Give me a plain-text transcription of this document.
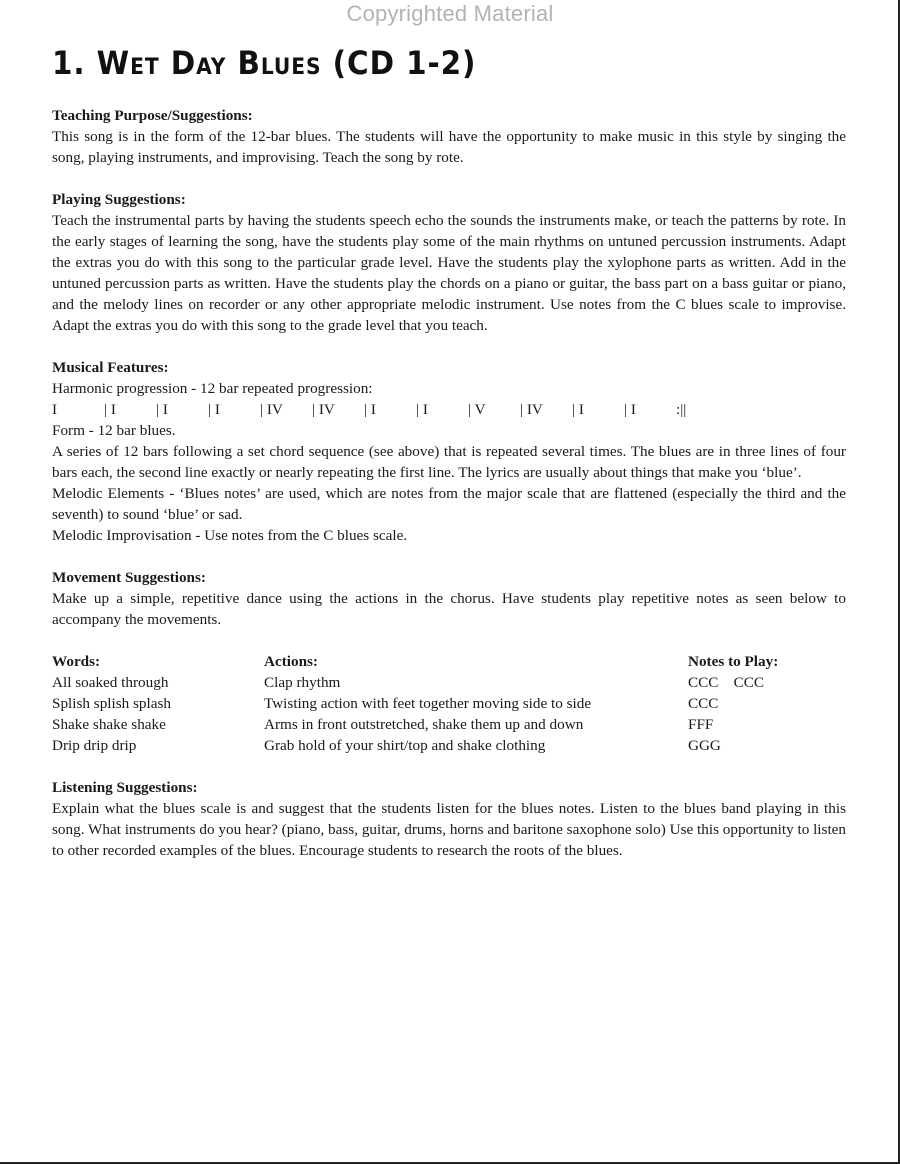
Copyrighted Material
1. Wet Day Blues (CD 1-2)
Teaching Purpose/Suggestions:
This song is in the form of the 12-bar blues. The students will have the opportunity to make music in this style by singing the song, playing instruments, and improvising. Teach the song by rote.
Playing Suggestions:
Teach the instrumental parts by having the students speech echo the sounds the instruments make, or teach the patterns by rote. In the early stages of learning the song, have the students play some of the main rhythms on untuned percussion instruments. Adapt the extras you do with this song to the particular grade level. Have the students play the xylophone parts as written. Add in the untuned percussion parts as written. Have the students play the chords on a piano or guitar, the bass part on a bass guitar or piano, and the melody lines on recorder or any other appropriate melodic instrument. Use notes from the C blues scale to improvise. Adapt the extras you do with this song to the grade level that you teach.
Musical Features:
Harmonic progression - 12 bar repeated progression:
I	| I	| I	| I	| IV	| IV	| I	| I	| V	| IV	| I	| I	:||
Form - 12 bar blues.
A series of 12 bars following a set chord sequence (see above) that is repeated several times. The blues are in three lines of four bars each, the second line exactly or nearly repeating the first line. The lyrics are usually about things that make you ‘blue’.
Melodic Elements - ‘Blues notes’ are used, which are notes from the major scale that are flattened (especially the third and the seventh) to sound ‘blue’ or sad.
Melodic Improvisation - Use notes from the C blues scale.
Movement Suggestions:
Make up a simple, repetitive dance using the actions in the chorus. Have students play repetitive notes as seen below to accompany the movements.
Words:	Actions:	Notes to Play:
All soaked through	Clap rhythm	CCC    CCC
Splish splish splash	Twisting action with feet together moving side to side	CCC
Shake shake shake	Arms in front outstretched, shake them up and down	FFF
Drip drip drip	Grab hold of your shirt/top and shake clothing	GGG
Listening Suggestions:
Explain what the blues scale is and suggest that the students listen for the blues notes. Listen to the blues band playing in this song. What instruments do you hear? (piano, bass, guitar, drums, horns and baritone saxophone solo) Use this opportunity to listen to other recorded examples of the blues. Encourage students to research the roots of the blues.
